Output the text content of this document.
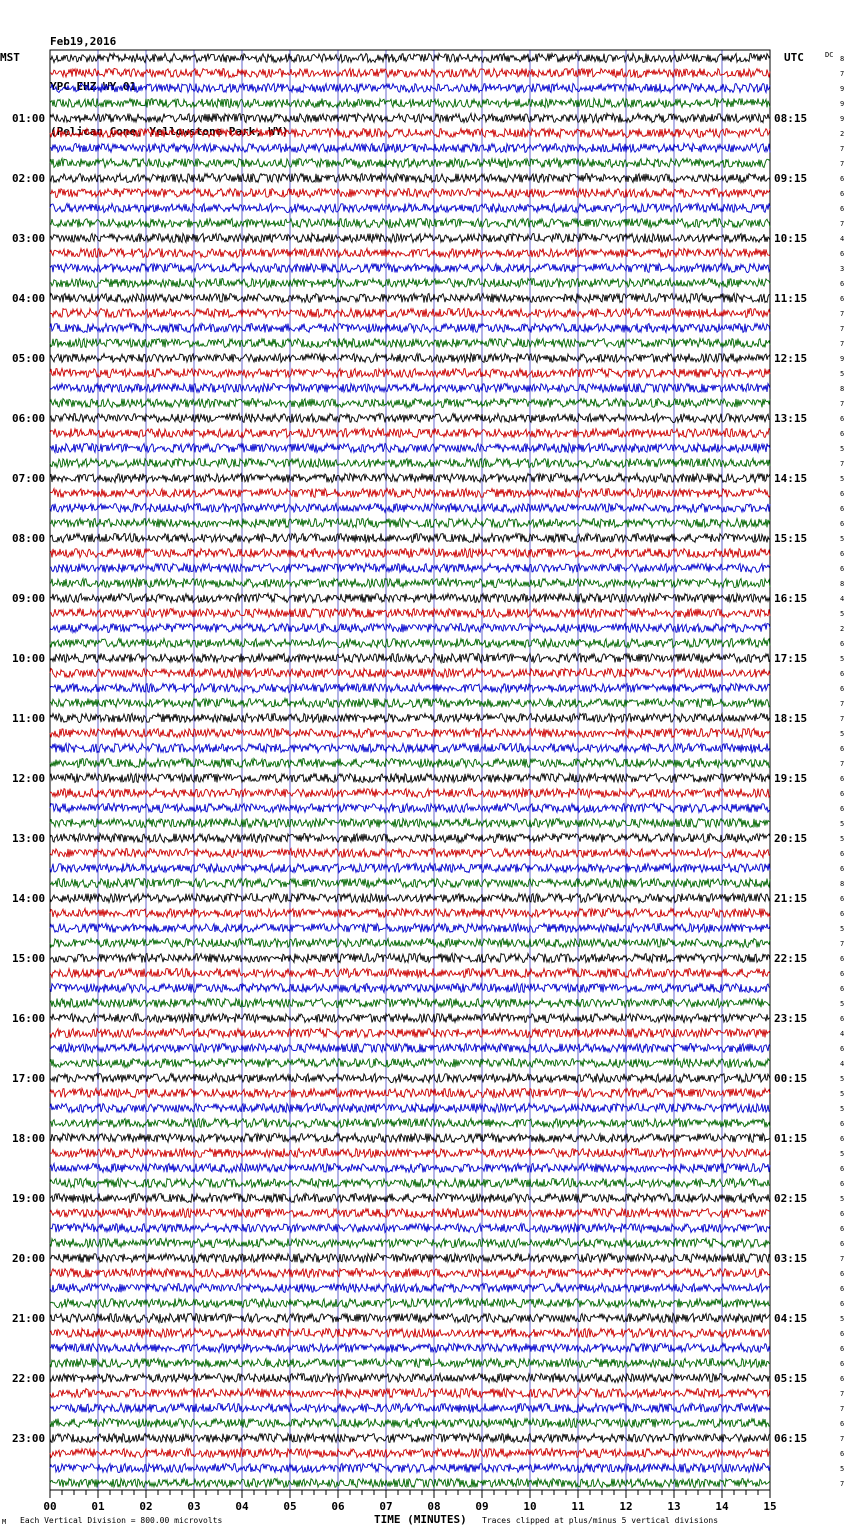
Feb19,2016

YPC EHZ WY 01

(Pelican Cone, Yellowstone Park, WY)

MST	UTC	DC
01:00
02:00
03:00
04:00
05:00
06:00
07:00
08:00
09:00
10:00
11:00
12:00
13:00
14:00
15:00
16:00
17:00
18:00
19:00
20:00
21:00
22:00
23:00
08:15
09:15
10:15
11:15
12:15
13:15
14:15
15:15
16:15
17:15
18:15
19:15
20:15
21:15
22:15
23:15
00:15
01:15
02:15
03:15
04:15
05:15
06:15
8
7
9
9
9
2
7
7
6
6
6
7
4
6
3
6
6
7
7
7
9
5
8
7
6
6
5
7
5
6
6
6
5
6
6
8
4
5
2
6
5
6
6
7
7
5
6
7
6
6
6
5
5
6
6
8
6
6
5
7
6
6
6
5
6
4
6
4
5
5
5
6
6
5
6
6
5
6
6
6
7
6
6
6
5
6
6
6
6
7
7
6
7
6
5
7
00	01	02	03	04	05	06	07	08	09	10	11	12	13	14	15
M Each Vertical Division = 800.00 microvolts	TIME (MINUTES) Traces clipped at plus/minus 5 vertical divisions
